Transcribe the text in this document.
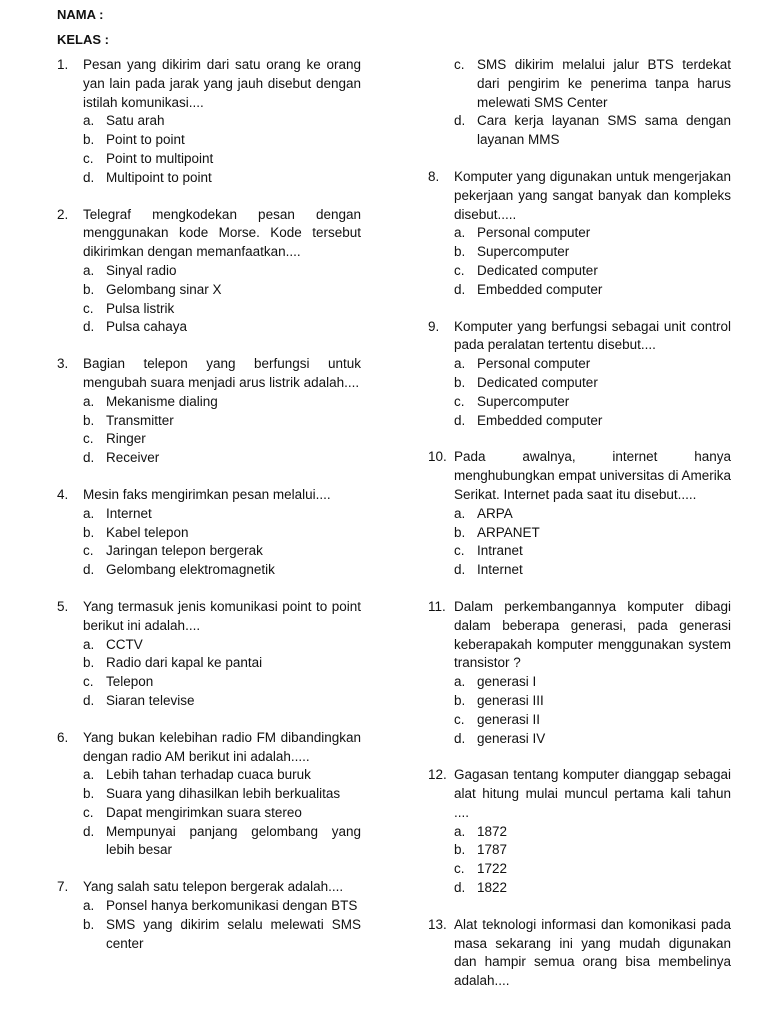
NAMA :
KELAS :
1.	Pesan yang dikirim dari satu orang ke orang yan lain pada jarak yang jauh disebut dengan istilah komunikasi....
a. Satu arah
b. Point to point
c. Point to multipoint
d. Multipoint to point
2.	Telegraf mengkodekan pesan dengan menggunakan kode Morse. Kode tersebut dikirimkan dengan memanfaatkan....
a. Sinyal radio
b. Gelombang sinar X
c. Pulsa listrik
d. Pulsa cahaya
3.	Bagian telepon yang berfungsi untuk mengubah suara menjadi arus listrik adalah....
a. Mekanisme dialing
b. Transmitter
c. Ringer
d. Receiver
4.	Mesin faks mengirimkan pesan melalui....
a. Internet
b. Kabel telepon
c. Jaringan telepon bergerak
d. Gelombang elektromagnetik
5.	Yang termasuk jenis komunikasi point to point berikut ini adalah....
a. CCTV
b. Radio dari kapal ke pantai
c. Telepon
d. Siaran televise
6.	Yang bukan kelebihan radio FM dibandingkan dengan radio AM berikut ini adalah.....
a. Lebih tahan terhadap cuaca buruk
b. Suara yang dihasilkan lebih berkualitas
c. Dapat mengirimkan suara stereo
d. Mempunyai panjang gelombang yang lebih besar
7.	Yang salah satu telepon bergerak adalah....
a. Ponsel hanya berkomunikasi dengan BTS
b. SMS yang dikirim selalu melewati SMS center
c. SMS dikirim melalui jalur BTS terdekat dari pengirim ke penerima tanpa harus melewati SMS Center
d. Cara kerja layanan SMS sama dengan layanan MMS
8.	Komputer yang digunakan untuk mengerjakan pekerjaan yang sangat banyak dan kompleks disebut.....
a. Personal computer
b. Supercomputer
c. Dedicated computer
d. Embedded computer
9.	Komputer yang berfungsi sebagai unit control pada peralatan tertentu disebut....
a. Personal computer
b. Dedicated computer
c. Supercomputer
d. Embedded computer
10. Pada awalnya, internet hanya menghubungkan empat universitas di Amerika Serikat. Internet pada saat itu disebut.....
a. ARPA
b. ARPANET
c. Intranet
d. Internet
11. Dalam perkembangannya komputer dibagi dalam beberapa generasi, pada generasi keberapakah komputer menggunakan system transistor ?
a. generasi I
b. generasi III
c. generasi II
d. generasi IV
12. Gagasan tentang komputer dianggap sebagai alat hitung mulai muncul pertama kali tahun ....
a. 1872
b. 1787
c. 1722
d. 1822
13. Alat teknologi informasi dan komonikasi pada masa sekarang ini yang mudah digunakan dan hampir semua orang bisa membelinya adalah....
